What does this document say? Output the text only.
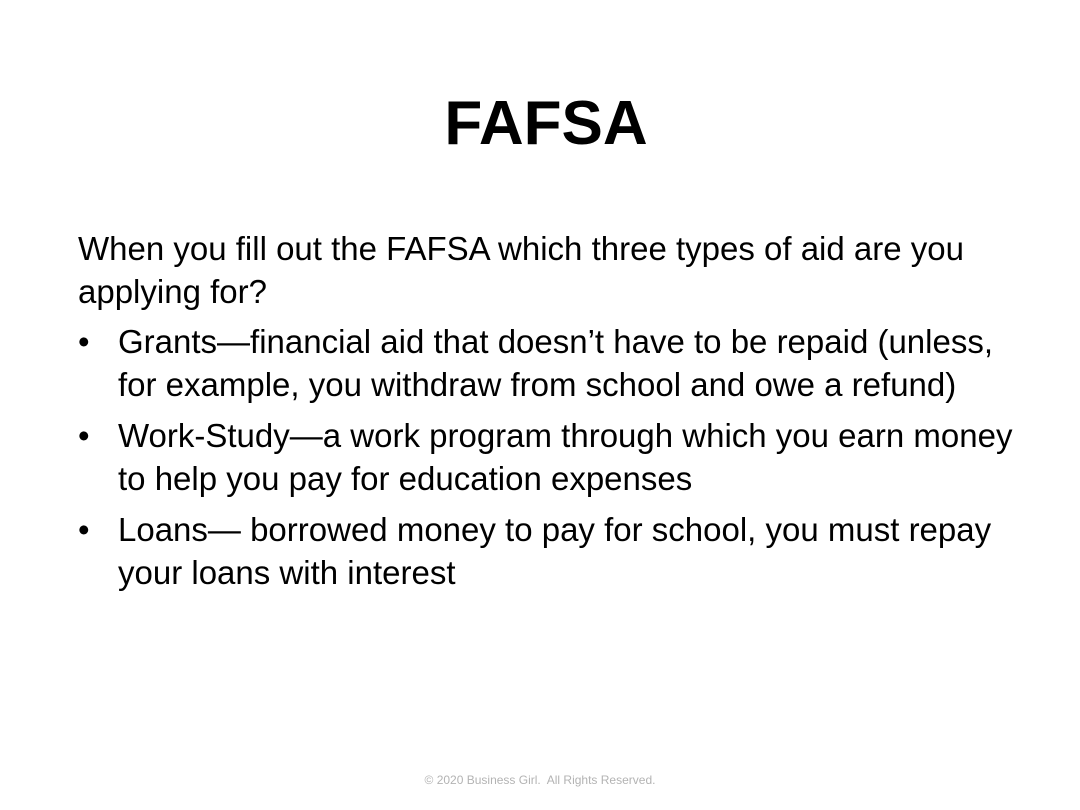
FAFSA

When you fill out the FAFSA which three types of aid are you applying for?

• Grants—financial aid that doesn’t have to be repaid (unless, for example, you withdraw from school and owe a refund)
• Work-Study—a work program through which you earn money to help you pay for education expenses
• Loans— borrowed money to pay for school, you must repay your loans with interest
© 2020 Business Girl.  All Rights Reserved.
